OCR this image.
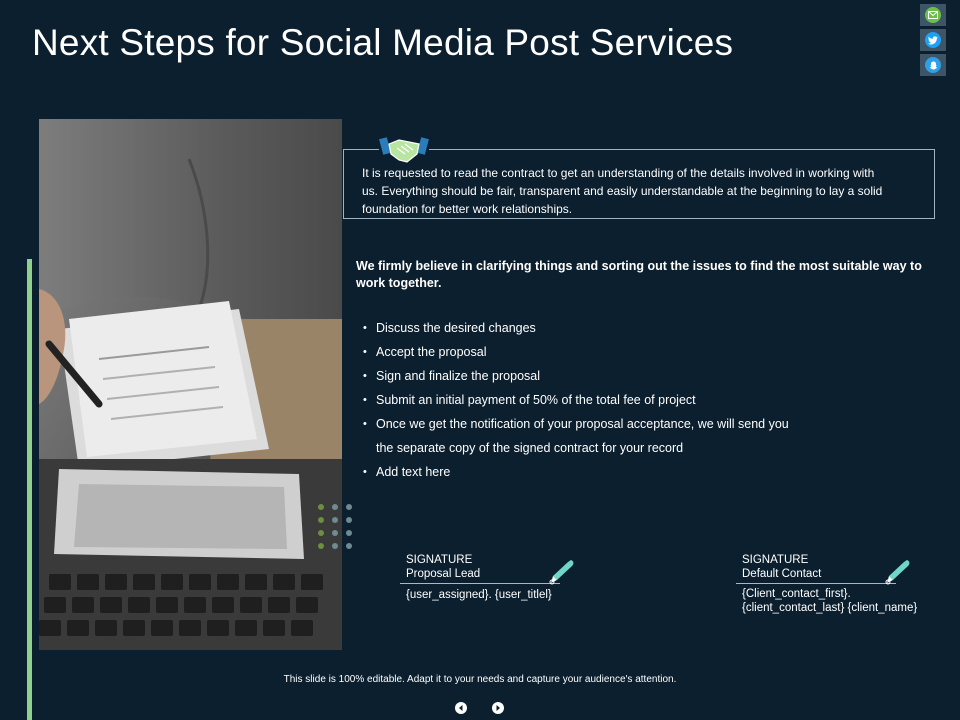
Next Steps for Social Media Post Services
It is requested to read the contract to get an understanding of the details involved in working with us. Everything should be fair, transparent and easily understandable at the beginning to lay a solid foundation for better work relationships.
We firmly believe in clarifying things and sorting out the issues to find the most suitable way to work together.
• Discuss the desired changes
• Accept the proposal
• Sign and finalize the proposal
• Submit an initial payment of 50% of the total fee of project
• Once we get the notification of your proposal acceptance, we will send you
the separate copy of the signed contract for your record
• Add text here
SIGNATURE
Proposal Lead
{user_assigned}. {user_titlel}
SIGNATURE
Default Contact
{Client_contact_first}.
{client_contact_last} {client_name}
This slide is 100% editable. Adapt it to your needs and capture your audience's attention.
